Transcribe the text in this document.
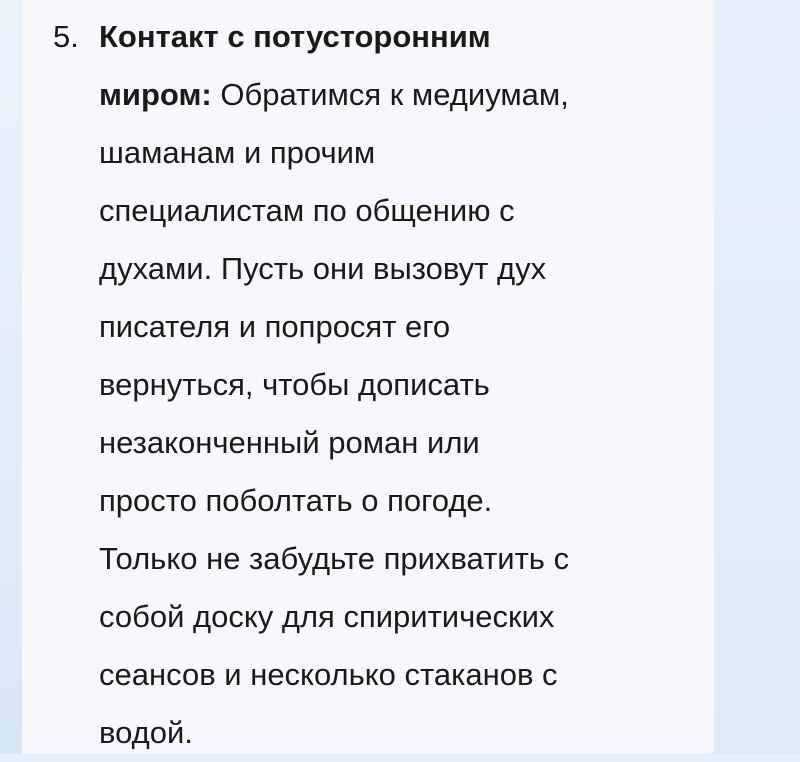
5. Контакт с потусторонним
миром: Обратимся к медиумам,
шаманам и прочим
специалистам по общению с
духами. Пусть они вызовут дух
писателя и попросят его
вернуться, чтобы дописать
незаконченный роман или
просто поболтать о погоде.
Только не забудьте прихватить с
собой доску для спиритических
сеансов и несколько стаканов с
водой.
